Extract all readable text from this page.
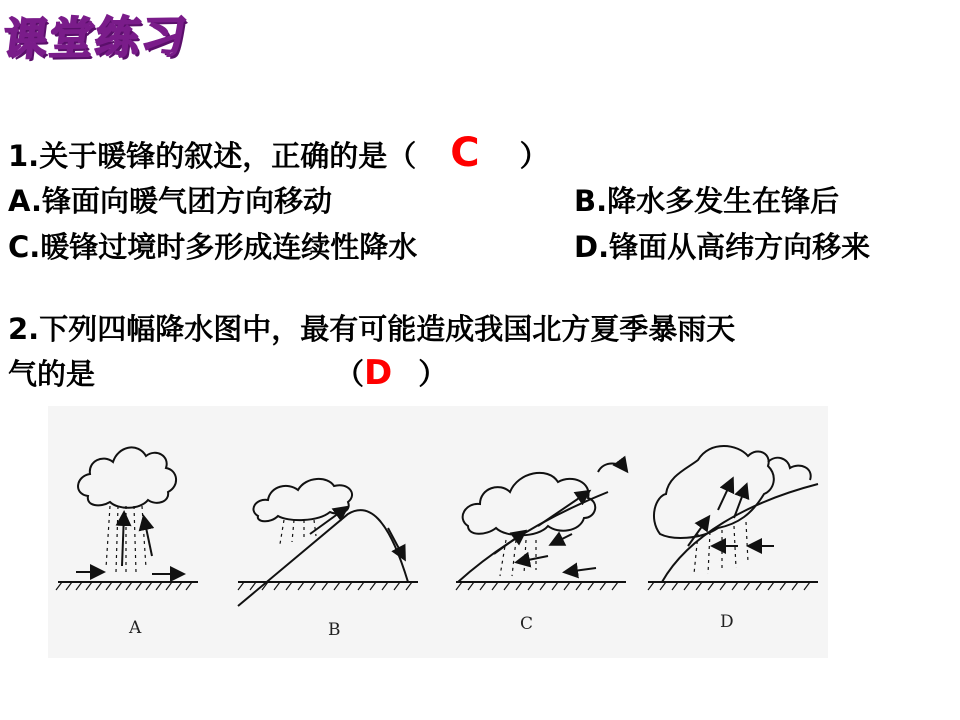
课堂练习
1.关于暖锋的叙述，正确的是（ C ）
A.锋面向暖气团方向移动	B.降水多发生在锋后
C.暖锋过境时多形成连续性降水	D.锋面从高纬方向移来
2.下列四幅降水图中，最有可能造成我国北方夏季暴雨天
气的是	（D ）
A	B	C	D
